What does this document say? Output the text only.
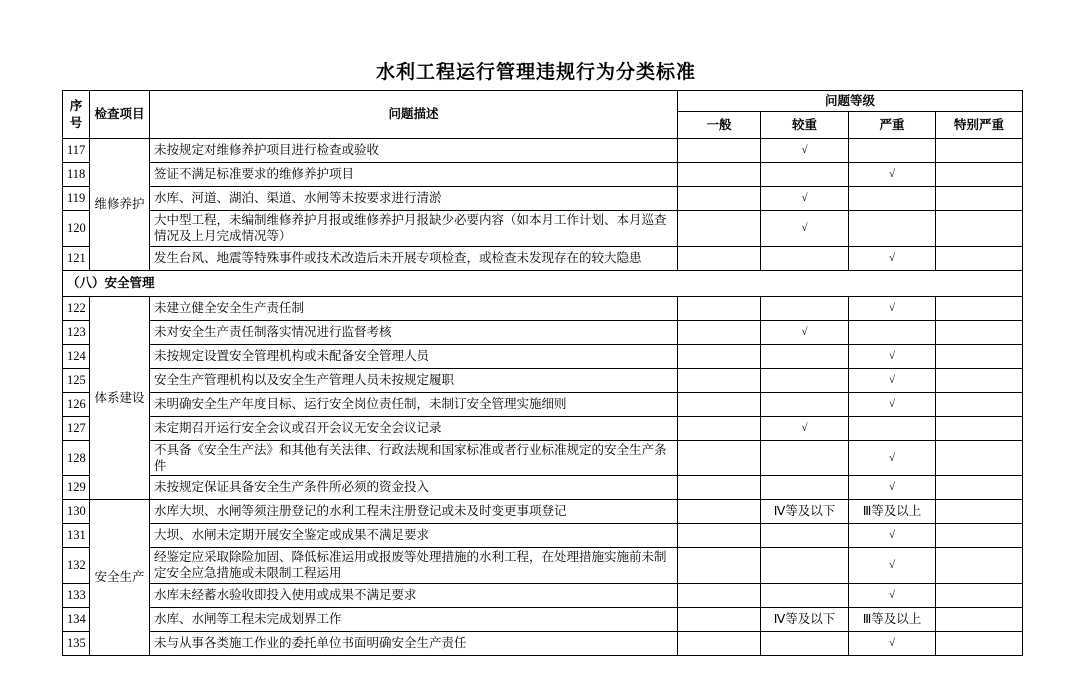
水利工程运行管理违规行为分类标准
序号	检查项目	问题描述	问题等级			
			一般	较重	严重	特别严重
117	维修养护	未按规定对维修养护项目进行检查或验收		√		
118		签证不满足标准要求的维修养护项目			√	
119		水库、河道、湖泊、渠道、水闸等未按要求进行清淤		√		
120		大中型工程，未编制维修养护月报或维修养护月报缺少必要内容（如本月工作计划、本月巡查情况及上月完成情况等）		√		
121		发生台风、地震等特殊事件或技术改造后未开展专项检查，或检查未发现存在的较大隐患			√	
（八）安全管理						
122	体系建设	未建立健全安全生产责任制			√	
123		未对安全生产责任制落实情况进行监督考核		√		
124		未按规定设置安全管理机构或未配备安全管理人员			√	
125		安全生产管理机构以及安全生产管理人员未按规定履职			√	
126		未明确安全生产年度目标、运行安全岗位责任制，未制订安全管理实施细则			√	
127		未定期召开运行安全会议或召开会议无安全会议记录		√		
128		不具备《安全生产法》和其他有关法律、行政法规和国家标准或者行业标准规定的安全生产条件			√	
129		未按规定保证具备安全生产条件所必须的资金投入			√	
130	安全生产	水库大坝、水闸等须注册登记的水利工程未注册登记或未及时变更事项登记		Ⅳ等及以下	Ⅲ等及以上	
131		大坝、水闸未定期开展安全鉴定或成果不满足要求			√	
132		经鉴定应采取除险加固、降低标准运用或报废等处理措施的水利工程，在处理措施实施前未制定安全应急措施或未限制工程运用			√	
133		水库未经蓄水验收即投入使用或成果不满足要求			√	
134		水库、水闸等工程未完成划界工作		Ⅳ等及以下	Ⅲ等及以上	
135		未与从事各类施工作业的委托单位书面明确安全生产责任			√	
